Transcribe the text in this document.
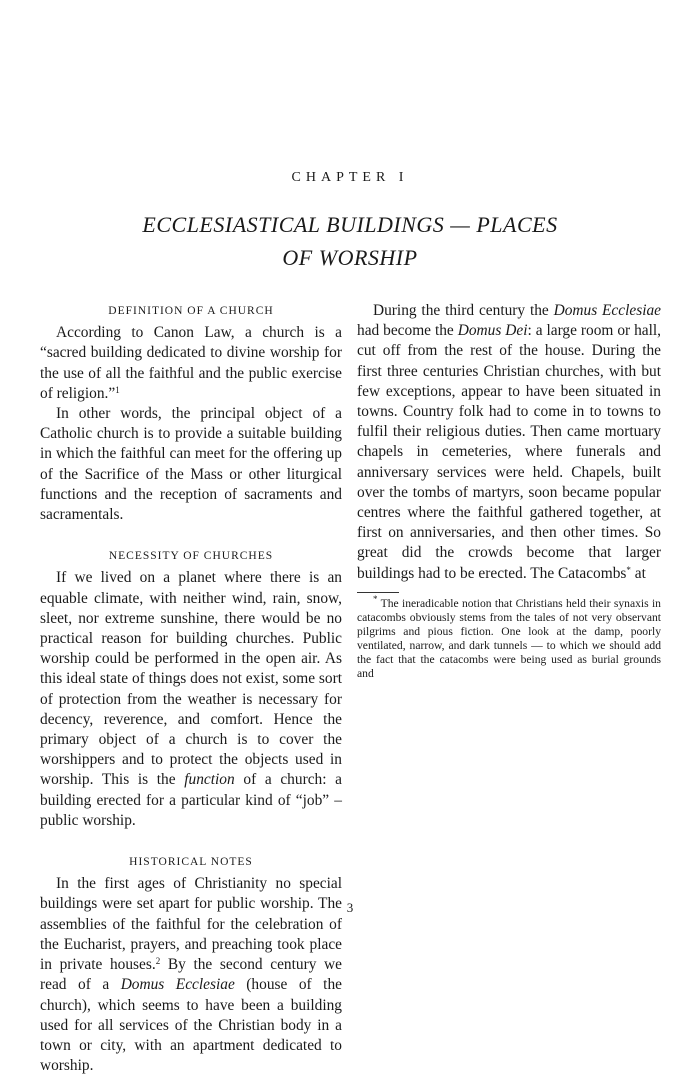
CHAPTER I
ECCLESIASTICAL BUILDINGS — PLACES
OF WORSHIP
DEFINITION OF A CHURCH

According to Canon Law, a church is a “sacred building dedicated to divine worship for the use of all the faithful and the public exercise of religion.”$^1$

In other words, the principal object of a Catholic church is to provide a suitable building in which the faithful can meet for the offering up of the Sacrifice of the Mass or other liturgical functions and the reception of sacraments and sacramentals.

NECESSITY OF CHURCHES

If we lived on a planet where there is an equable climate, with neither wind, rain, snow, sleet, nor extreme sunshine, there would be no practical reason for building churches. Public worship could be performed in the open air. As this ideal state of things does not exist, some sort of protection from the weather is necessary for decency, reverence, and comfort. Hence the primary object of a church is to cover the worshippers and to protect the objects used in worship. This is the function of a church: a building erected for a particular kind of “job” – public worship.

HISTORICAL NOTES

In the first ages of Christianity no special buildings were set apart for public worship. The assemblies of the faithful for the celebration of the Eucharist, prayers, and preaching took place in private houses.$^2$ By the second century we read of a Domus Ecclesiae (house of the church), which seems to have been a building used for all services of the Christian body in a town or city, with an apartment dedicated to worship.

During the third century the Domus Ecclesiae had become the Domus Dei: a large room or hall, cut off from the rest of the house. During the first three centuries Christian churches, with but few exceptions, appear to have been situated in towns. Country folk had to come in to towns to fulfil their religious duties. Then came mortuary chapels in cemeteries, where funerals and anniversary services were held. Chapels, built over the tombs of martyrs, soon became popular centres where the faithful gathered together, at first on anniversaries, and then other times. So great did the crowds become that larger buildings had to be erected. The Catacombs* at

* The ineradicable notion that Christians held their synaxis in catacombs obviously stems from the tales of not very observant pilgrims and pious fiction. One look at the damp, poorly ventilated, narrow, and dark tunnels — to which we should add the fact that the catacombs were being used as burial grounds and

3
